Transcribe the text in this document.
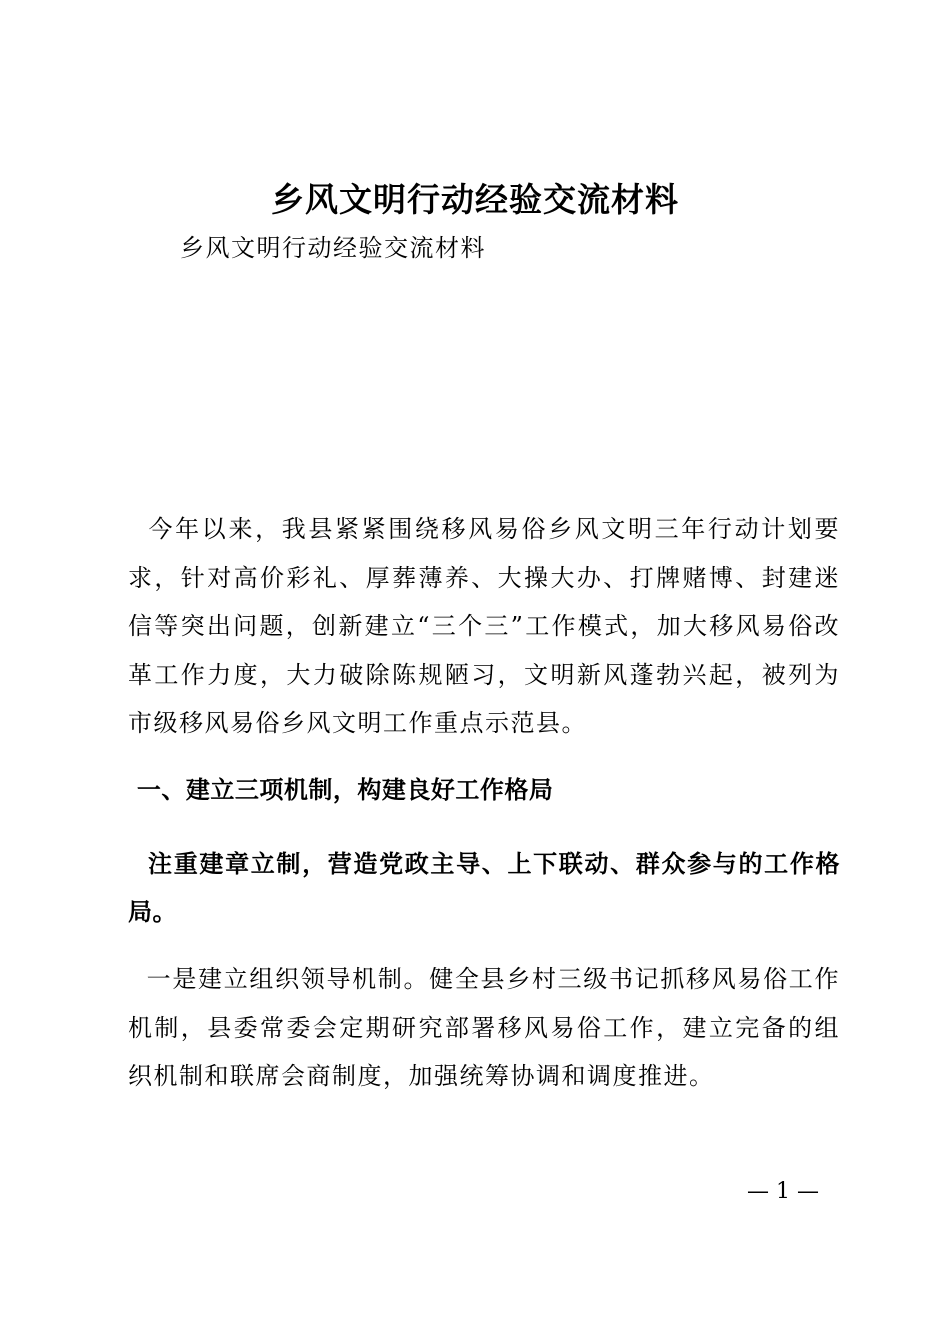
乡风文明行动经验交流材料
乡风文明行动经验交流材料
今年以来，我县紧紧围绕移风易俗乡风文明三年行动计划要求，针对高价彩礼、厚葬薄养、大操大办、打牌赌博、封建迷信等突出问题，创新建立“三个三”工作模式，加大移风易俗改革工作力度，大力破除陈规陋习，文明新风蓬勃兴起，被列为市级移风易俗乡风文明工作重点示范县。
一、建立三项机制，构建良好工作格局
注重建章立制，营造党政主导、上下联动、群众参与的工作格局。
一是建立组织领导机制。健全县乡村三级书记抓移风易俗工作机制，县委常委会定期研究部署移风易俗工作，建立完备的组织机制和联席会商制度，加强统筹协调和调度推进。
— 1 —
